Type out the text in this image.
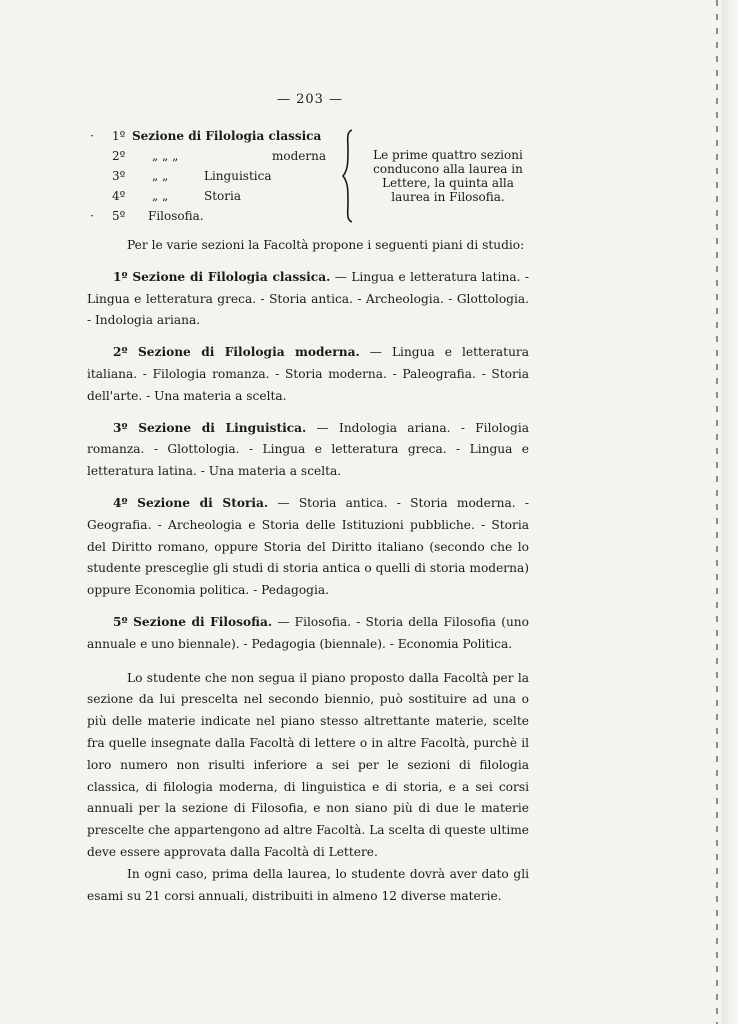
— 203 —
· 1º Sezione di Filologia classica
2º „ „ „	moderna
3º „ „	Linguistica
4º „ „	Storia
· 5º Filosofia.
Le prime quattro sezioni conducono alla laurea in Lettere, la quinta alla laurea in Filosofia.

Per le varie sezioni la Facoltà propone i seguenti piani di studio:

1º Sezione di Filologia classica. — Lingua e letteratura latina. - Lingua e letteratura greca. - Storia antica. - Archeologia. - Glottologia. - Indologia ariana.

2º Sezione di Filologia moderna. — Lingua e letteratura italiana. - Filologia romanza. - Storia moderna. - Paleografia. - Storia dell'arte. - Una materia a scelta.

3º Sezione di Linguistica. — Indologia ariana. - Filologia romanza. - Glottologia. - Lingua e letteratura greca. - Lingua e letteratura latina. - Una materia a scelta.

4º Sezione di Storia. — Storia antica. - Storia moderna. - Geografia. - Archeologia e Storia delle Istituzioni pubbliche. - Storia del Diritto romano, oppure Storia del Diritto italiano (secondo che lo studente presceglie gli studi di storia antica o quelli di storia moderna) oppure Economia politica. - Pedagogia.

5º Sezione di Filosofia. — Filosofia. - Storia della Filosofia (uno annuale e uno biennale). - Pedagogia (biennale). - Economia Politica.

Lo studente che non segua il piano proposto dalla Facoltà per la sezione da lui prescelta nel secondo biennio, può sostituire ad una o più delle materie indicate nel piano stesso altrettante materie, scelte fra quelle insegnate dalla Facoltà di lettere o in altre Facoltà, purchè il loro numero non risulti inferiore a sei per le sezioni di filologia classica, di filologia moderna, di linguistica e di storia, e a sei corsi annuali per la sezione di Filosofia, e non siano più di due le materie prescelte che appartengono ad altre Facoltà. La scelta di queste ultime deve essere approvata dalla Facoltà di Lettere.

In ogni caso, prima della laurea, lo studente dovrà aver dato gli esami su 21 corsi annuali, distribuiti in almeno 12 diverse materie.
